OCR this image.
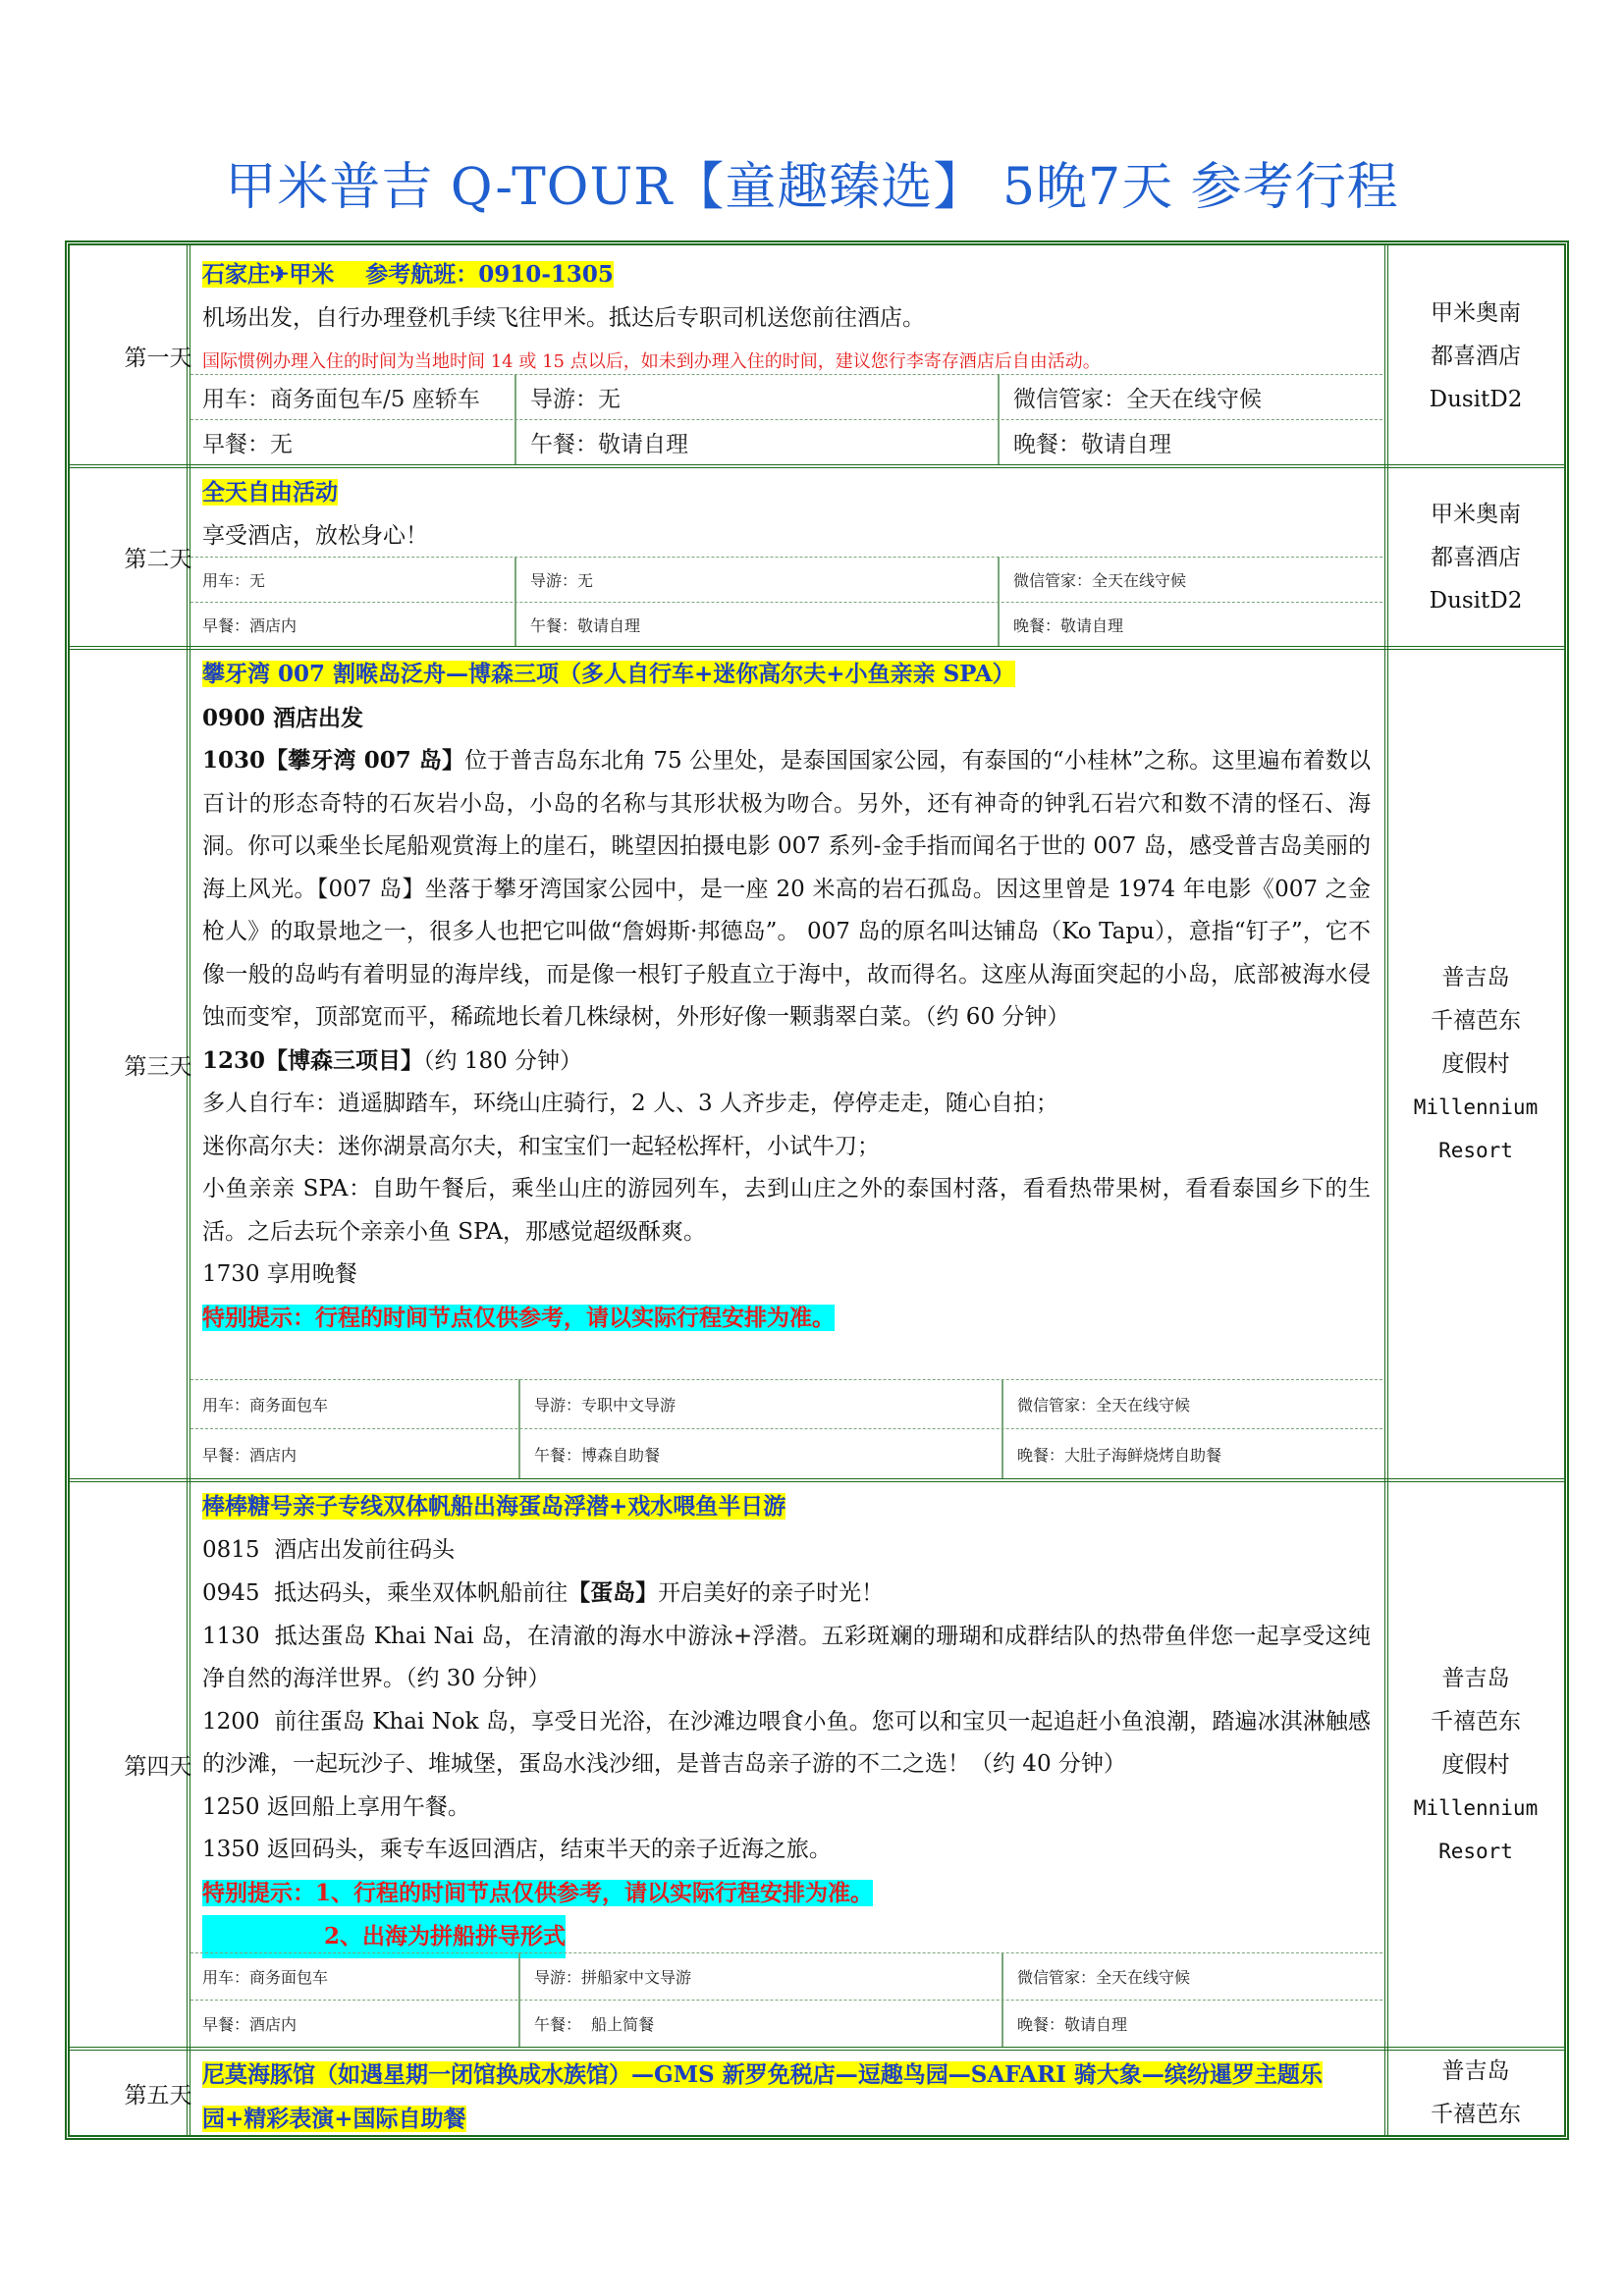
甲米普吉 Q-TOUR【童趣臻选】 5晚7天 参考行程
第一天
甲米奥南
都喜酒店
DusitD2
石家庄✈甲米    参考航班：0910-1305
机场出发，自行办理登机手续飞往甲米。抵达后专职司机送您前往酒店。
国际惯例办理入住的时间为当地时间 14 或 15 点以后，如未到办理入住的时间，建议您行李寄存酒店后自由活动。
用车：商务面包车/5 座轿车	导游：无	微信管家：全天在线守候
早餐：无	午餐：敬请自理	晚餐：敬请自理
第二天
甲米奥南
都喜酒店
DusitD2
全天自由活动
享受酒店，放松身心！
用车：无	导游：无	微信管家：全天在线守候
早餐：酒店内	午餐：敬请自理	晚餐：敬请自理
第三天
普吉岛
千禧芭东
度假村
Millennium
Resort
攀牙湾 007 割喉岛泛舟—博森三项（多人自行车+迷你高尔夫+小鱼亲亲 SPA）
0900 酒店出发
1030【攀牙湾 007 岛】位于普吉岛东北角 75 公里处，是泰国国家公园，有泰国的“小桂林”之称。这里遍布着数以百计的形态奇特的石灰岩小岛，小岛的名称与其形状极为吻合。另外，还有神奇的钟乳石岩穴和数不清的怪石、海洞。你可以乘坐长尾船观赏海上的崖石，眺望因拍摄电影 007 系列-金手指而闻名于世的 007 岛，感受普吉岛美丽的海上风光。【007 岛】坐落于攀牙湾国家公园中，是一座 20 米高的岩石孤岛。因这里曾是 1974 年电影《007 之金枪人》的取景地之一，很多人也把它叫做“詹姆斯·邦德岛”。 007 岛的原名叫达铺岛（Ko Tapu），意指“钉子”，它不像一般的岛屿有着明显的海岸线，而是像一根钉子般直立于海中，故而得名。这座从海面突起的小岛，底部被海水侵蚀而变窄，顶部宽而平，稀疏地长着几株绿树，外形好像一颗翡翠白菜。（约 60 分钟）
1230【博森三项目】（约 180 分钟）
多人自行车：逍遥脚踏车，环绕山庄骑行，2 人、3 人齐步走，停停走走，随心自拍；
迷你高尔夫：迷你湖景高尔夫，和宝宝们一起轻松挥杆，小试牛刀；
小鱼亲亲 SPA：自助午餐后，乘坐山庄的游园列车，去到山庄之外的泰国村落，看看热带果树，看看泰国乡下的生活。之后去玩个亲亲小鱼 SPA，那感觉超级酥爽。
1730 享用晚餐
特别提示：行程的时间节点仅供参考，请以实际行程安排为准。
用车：商务面包车	导游：专职中文导游	微信管家：全天在线守候
早餐：酒店内	午餐：博森自助餐	晚餐：大肚子海鲜烧烤自助餐
第四天
普吉岛
千禧芭东
度假村
Millennium
Resort
棒棒糖号亲子专线双体帆船出海蛋岛浮潜+戏水喂鱼半日游
0815  酒店出发前往码头
0945  抵达码头，乘坐双体帆船前往【蛋岛】开启美好的亲子时光！
1130  抵达蛋岛 Khai Nai 岛，在清澈的海水中游泳+浮潜。五彩斑斓的珊瑚和成群结队的热带鱼伴您一起享受这纯净自然的海洋世界。（约 30 分钟）
1200  前往蛋岛 Khai Nok 岛，享受日光浴，在沙滩边喂食小鱼。您可以和宝贝一起追赶小鱼浪潮，踏遍冰淇淋触感的沙滩，一起玩沙子、堆城堡，蛋岛水浅沙细，是普吉岛亲子游的不二之选！（约 40 分钟）
1250 返回船上享用午餐。
1350 返回码头，乘专车返回酒店，结束半天的亲子近海之旅。
特别提示：1、行程的时间节点仅供参考，请以实际行程安排为准。
2、出海为拼船拼导形式
用车：商务面包车	导游：拼船家中文导游	微信管家：全天在线守候
早餐：酒店内	午餐：  船上简餐	晚餐：敬请自理
第五天
普吉岛
千禧芭东
尼莫海豚馆（如遇星期一闭馆换成水族馆）—GMS 新罗免税店—逗趣鸟园—SAFARI 骑大象—缤纷暹罗主题乐
园+精彩表演+国际自助餐
